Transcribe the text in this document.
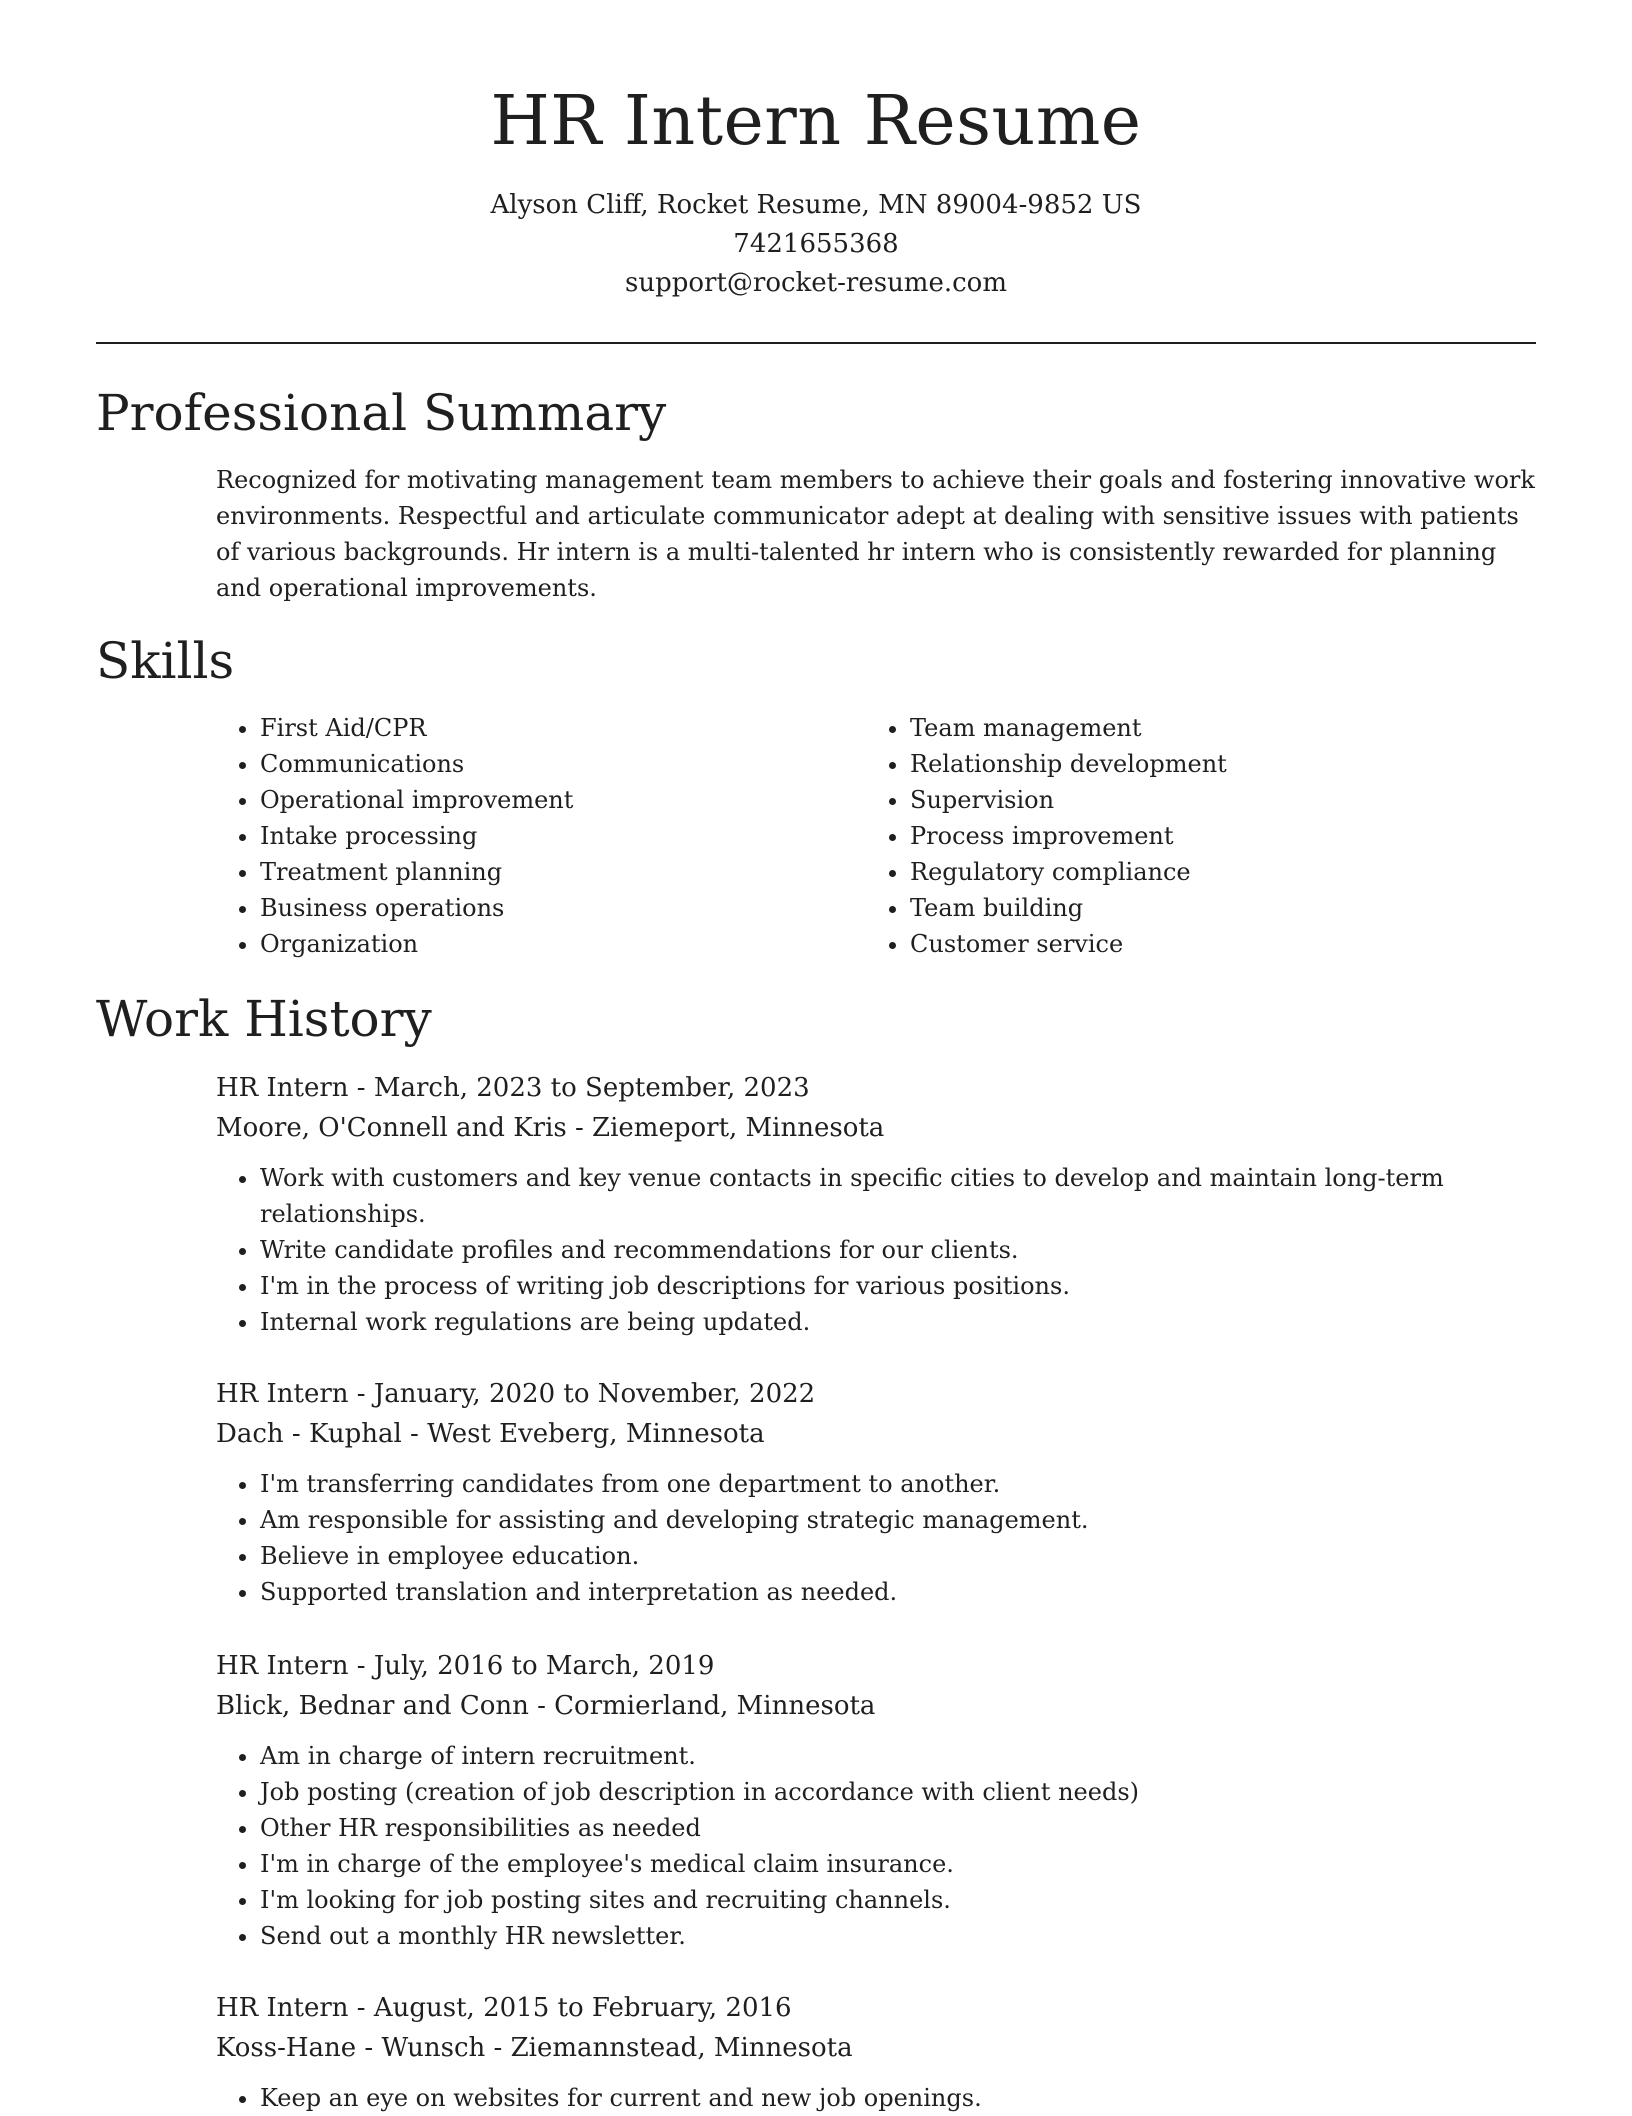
HR Intern Resume
Alyson Cliff, Rocket Resume, MN 89004-9852 US
7421655368
support@rocket-resume.com
Professional Summary

Recognized for motivating management team members to achieve their goals and fostering innovative work environments. Respectful and articulate communicator adept at dealing with sensitive issues with patients of various backgrounds. Hr intern is a multi-talented hr intern who is consistently rewarded for planning and operational improvements.

Skills
• First Aid/CPR
• Communications
• Operational improvement
• Intake processing
• Treatment planning
• Business operations
• Organization
• Team management
• Relationship development
• Supervision
• Process improvement
• Regulatory compliance
• Team building
• Customer service
Work History

HR Intern - March, 2023 to September, 2023

Moore, O'Connell and Kris - Ziemeport, Minnesota

• Work with customers and key venue contacts in specific cities to develop and maintain long-term relationships.
• Write candidate profiles and recommendations for our clients.
• I'm in the process of writing job descriptions for various positions.
• Internal work regulations are being updated.

HR Intern - January, 2020 to November, 2022

Dach - Kuphal - West Eveberg, Minnesota

• I'm transferring candidates from one department to another.
• Am responsible for assisting and developing strategic management.
• Believe in employee education.
• Supported translation and interpretation as needed.

HR Intern - July, 2016 to March, 2019

Blick, Bednar and Conn - Cormierland, Minnesota

• Am in charge of intern recruitment.
• Job posting (creation of job description in accordance with client needs)
• Other HR responsibilities as needed
• I'm in charge of the employee's medical claim insurance.
• I'm looking for job posting sites and recruiting channels.
• Send out a monthly HR newsletter.

HR Intern - August, 2015 to February, 2016

Koss-Hane - Wunsch - Ziemannstead, Minnesota

• Keep an eye on websites for current and new job openings.
